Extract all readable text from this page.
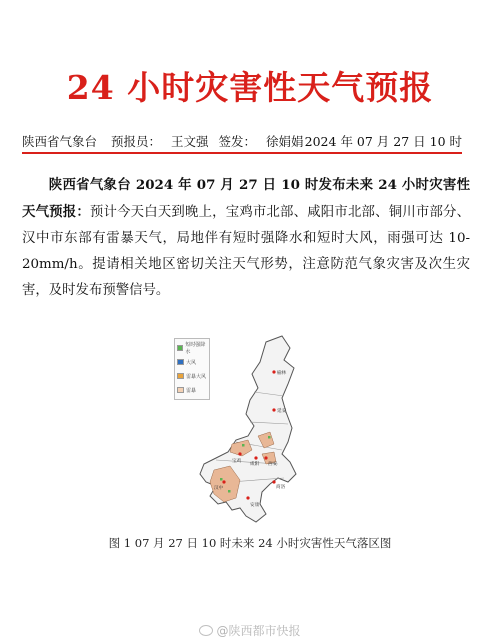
24 小时灾害性天气预报
陕西省气象台 预报员： 王文强 签发： 徐娟娟 2024 年 07 月 27 日 10 时

陕西省气象台 2024 年 07 月 27 日 10 时发布未来 24 小时灾害性天气预报：预计今天白天到晚上，宝鸡市北部、咸阳市北部、铜川市部分、汉中市东部有雷暴天气，局地伴有短时强降水和短时大风，雨强可达 10-20mm/h。提请相关地区密切关注天气形势，注意防范气象灾害及次生灾害，及时发布预警信号。

榆林
延安
宝鸡
咸阳 西安
汉中	商洛
安康
短时强降水
大风
雷暴大风
雷暴
图 1 07 月 27 日 10 时未来 24 小时灾害性天气落区图
@陕西都市快报
